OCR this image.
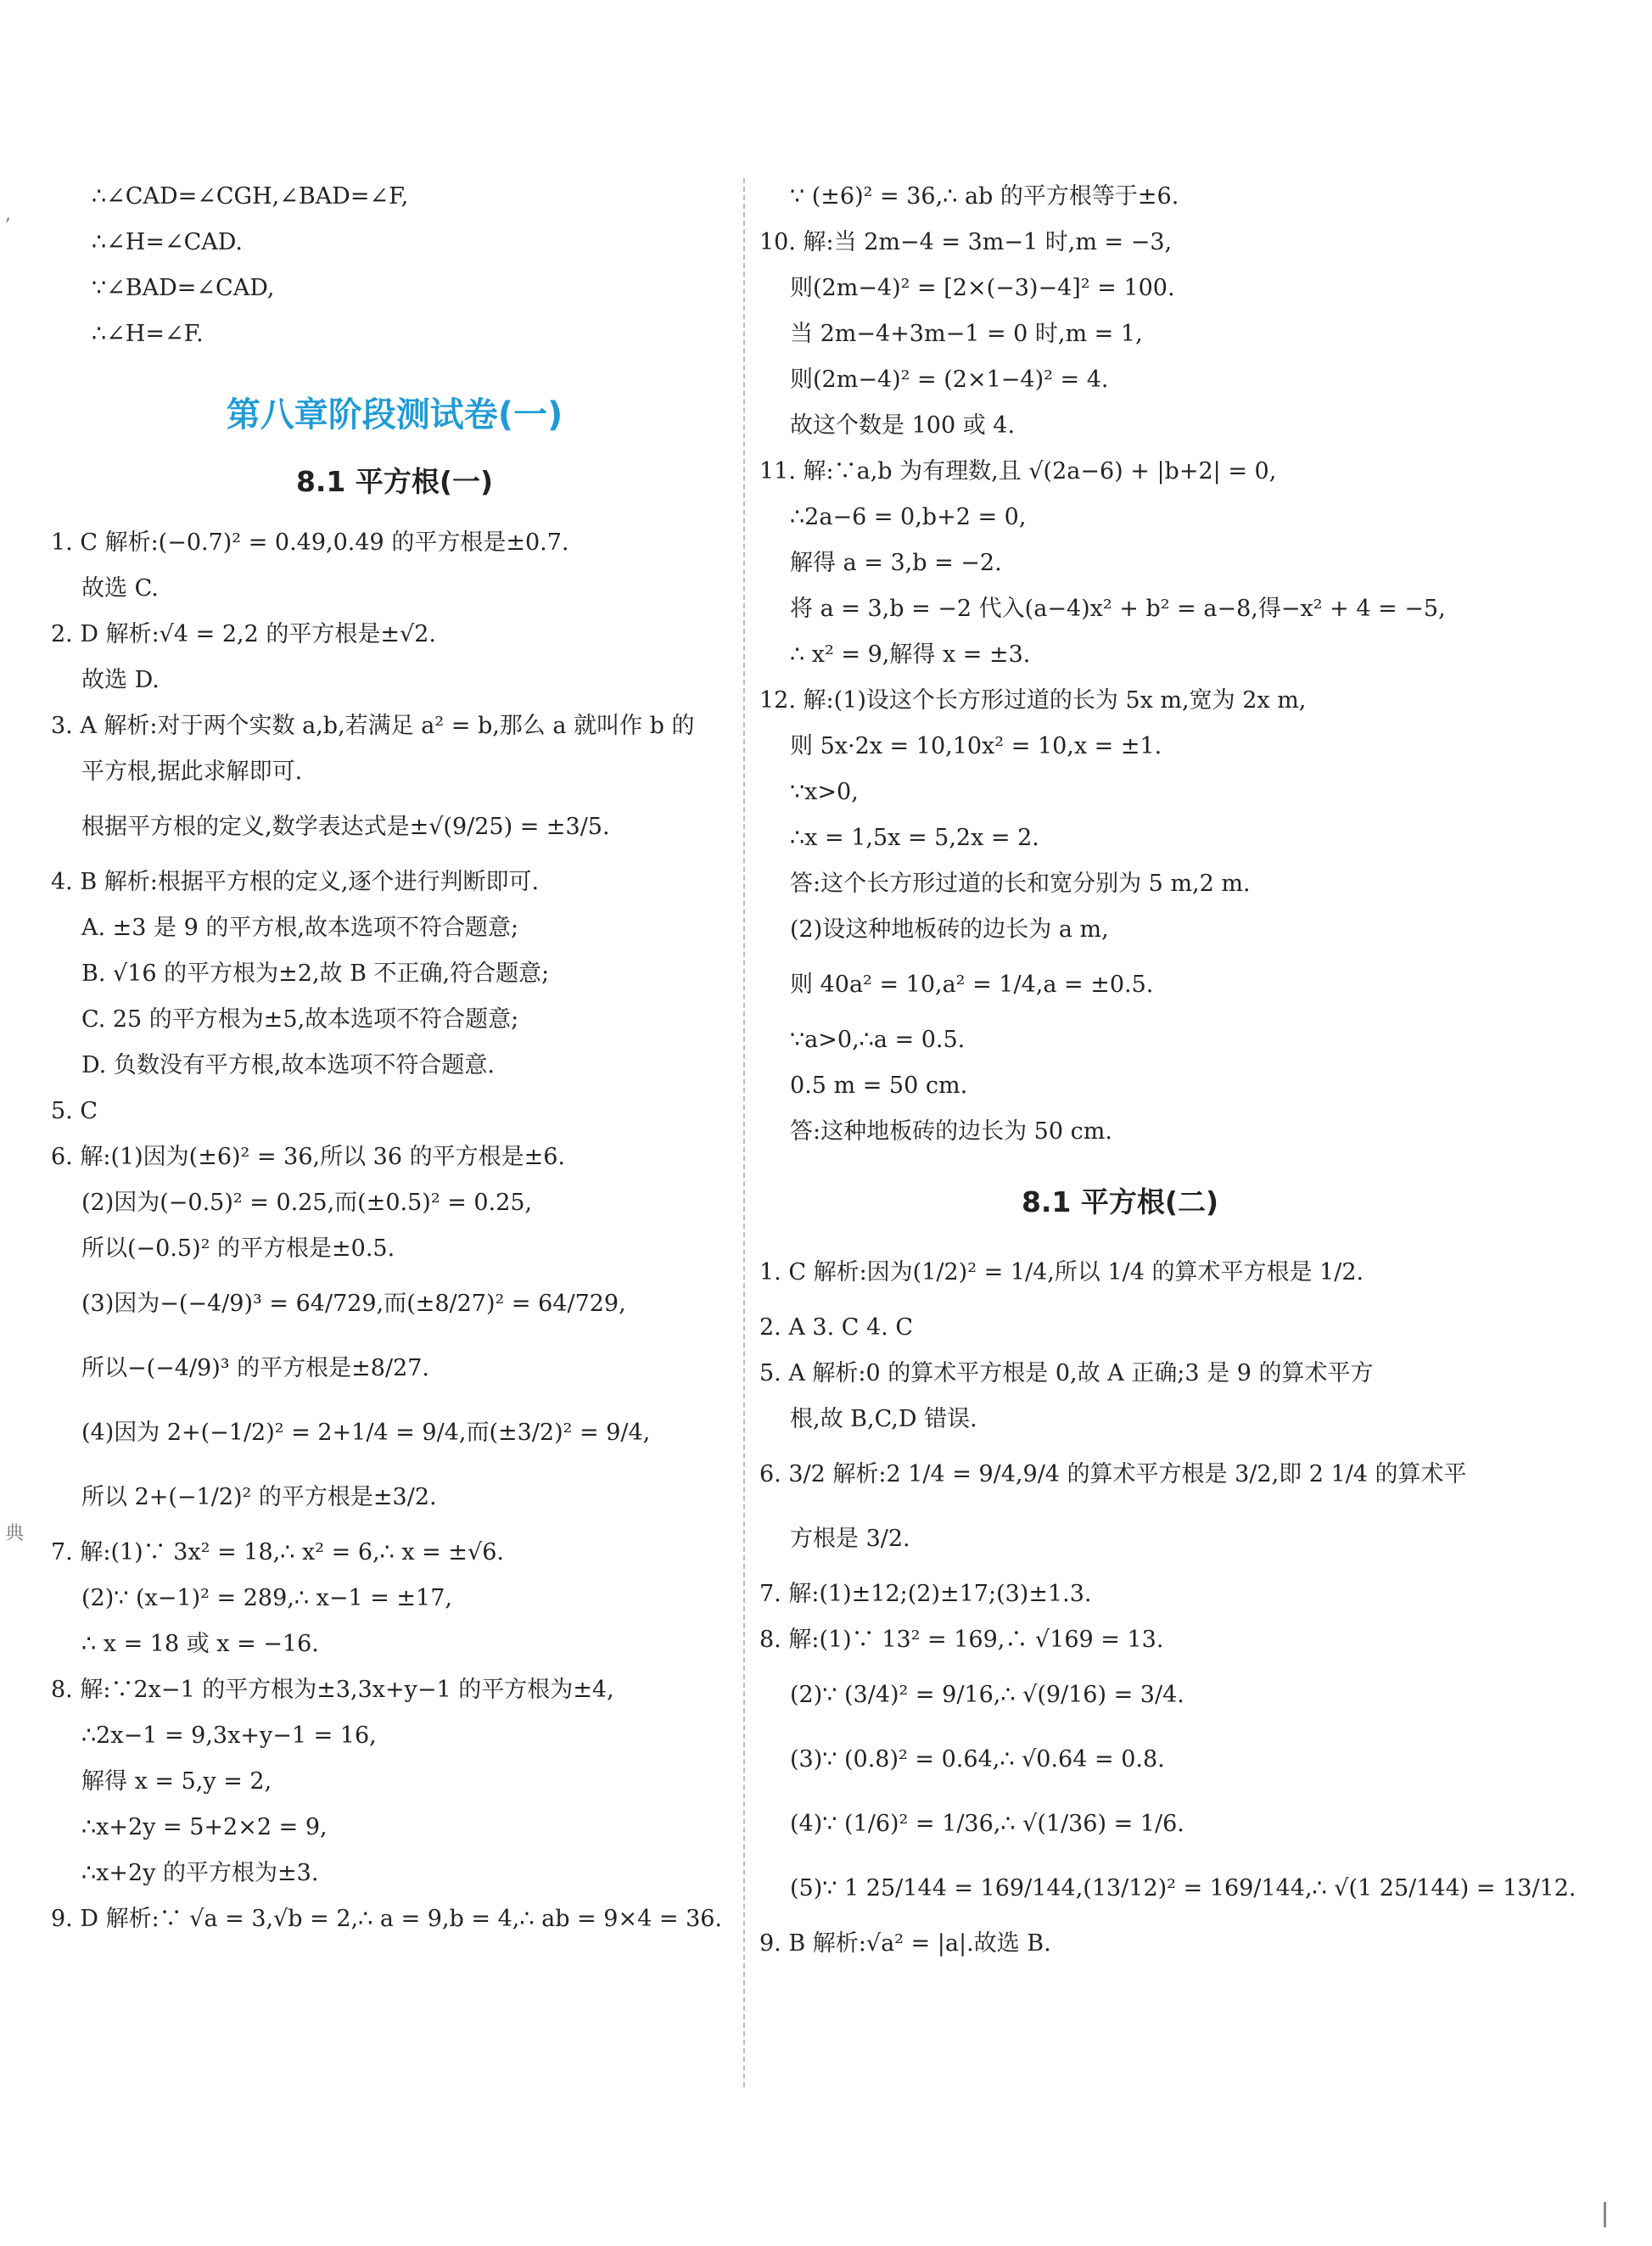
,
典
∴∠CAD=∠CGH,∠BAD=∠F,
∴∠H=∠CAD.
∵∠BAD=∠CAD,
∴∠H=∠F.
第八章阶段测试卷(一)
8.1 平方根(一)
1. C 解析:(−0.7)² = 0.49,0.49 的平方根是±0.7.
故选 C.
2. D 解析:√4 = 2,2 的平方根是±√2.
故选 D.
3. A 解析:对于两个实数 a,b,若满足 a² = b,那么 a 就叫作 b 的
平方根,据此求解即可.
根据平方根的定义,数学表达式是±√(9/25) = ±3/5.
4. B 解析:根据平方根的定义,逐个进行判断即可.
A. ±3 是 9 的平方根,故本选项不符合题意;
B. √16 的平方根为±2,故 B 不正确,符合题意;
C. 25 的平方根为±5,故本选项不符合题意;
D. 负数没有平方根,故本选项不符合题意.
5. C
6. 解:(1)因为(±6)² = 36,所以 36 的平方根是±6.
(2)因为(−0.5)² = 0.25,而(±0.5)² = 0.25,
所以(−0.5)² 的平方根是±0.5.
(3)因为−(−4/9)³ = 64/729,而(±8/27)² = 64/729,
所以−(−4/9)³ 的平方根是±8/27.
(4)因为 2+(−1/2)² = 2+1/4 = 9/4,而(±3/2)² = 9/4,
所以 2+(−1/2)² 的平方根是±3/2.
7. 解:(1)∵ 3x² = 18,∴ x² = 6,∴ x = ±√6.
(2)∵ (x−1)² = 289,∴ x−1 = ±17,
∴ x = 18 或 x = −16.
8. 解:∵2x−1 的平方根为±3,3x+y−1 的平方根为±4,
∴2x−1 = 9,3x+y−1 = 16,
解得 x = 5,y = 2,
∴x+2y = 5+2×2 = 9,
∴x+2y 的平方根为±3.
9. D 解析:∵ √a = 3,√b = 2,∴ a = 9,b = 4,∴ ab = 9×4 = 36.
∵ (±6)² = 36,∴ ab 的平方根等于±6.
10. 解:当 2m−4 = 3m−1 时,m = −3,
则(2m−4)² = [2×(−3)−4]² = 100.
当 2m−4+3m−1 = 0 时,m = 1,
则(2m−4)² = (2×1−4)² = 4.
故这个数是 100 或 4.
11. 解:∵a,b 为有理数,且 √(2a−6) + |b+2| = 0,
∴2a−6 = 0,b+2 = 0,
解得 a = 3,b = −2.
将 a = 3,b = −2 代入(a−4)x² + b² = a−8,得−x² + 4 = −5,
∴ x² = 9,解得 x = ±3.
12. 解:(1)设这个长方形过道的长为 5x m,宽为 2x m,
则 5x·2x = 10,10x² = 10,x = ±1.
∵x>0,
∴x = 1,5x = 5,2x = 2.
答:这个长方形过道的长和宽分别为 5 m,2 m.
(2)设这种地板砖的边长为 a m,
则 40a² = 10,a² = 1/4,a = ±0.5.
∵a>0,∴a = 0.5.
0.5 m = 50 cm.
答:这种地板砖的边长为 50 cm.
8.1 平方根(二)
1. C 解析:因为(1/2)² = 1/4,所以 1/4 的算术平方根是 1/2.
2. A 3. C 4. C
5. A 解析:0 的算术平方根是 0,故 A 正确;3 是 9 的算术平方
根,故 B,C,D 错误.
6. 3/2 解析:2 1/4 = 9/4,9/4 的算术平方根是 3/2,即 2 1/4 的算术平
方根是 3/2.
7. 解:(1)±12;(2)±17;(3)±1.3.
8. 解:(1)∵ 13² = 169,∴ √169 = 13.
(2)∵ (3/4)² = 9/16,∴ √(9/16) = 3/4.
(3)∵ (0.8)² = 0.64,∴ √0.64 = 0.8.
(4)∵ (1/6)² = 1/36,∴ √(1/36) = 1/6.
(5)∵ 1 25/144 = 169/144,(13/12)² = 169/144,∴ √(1 25/144) = 13/12.
9. B 解析:√a² = |a|.故选 B.
